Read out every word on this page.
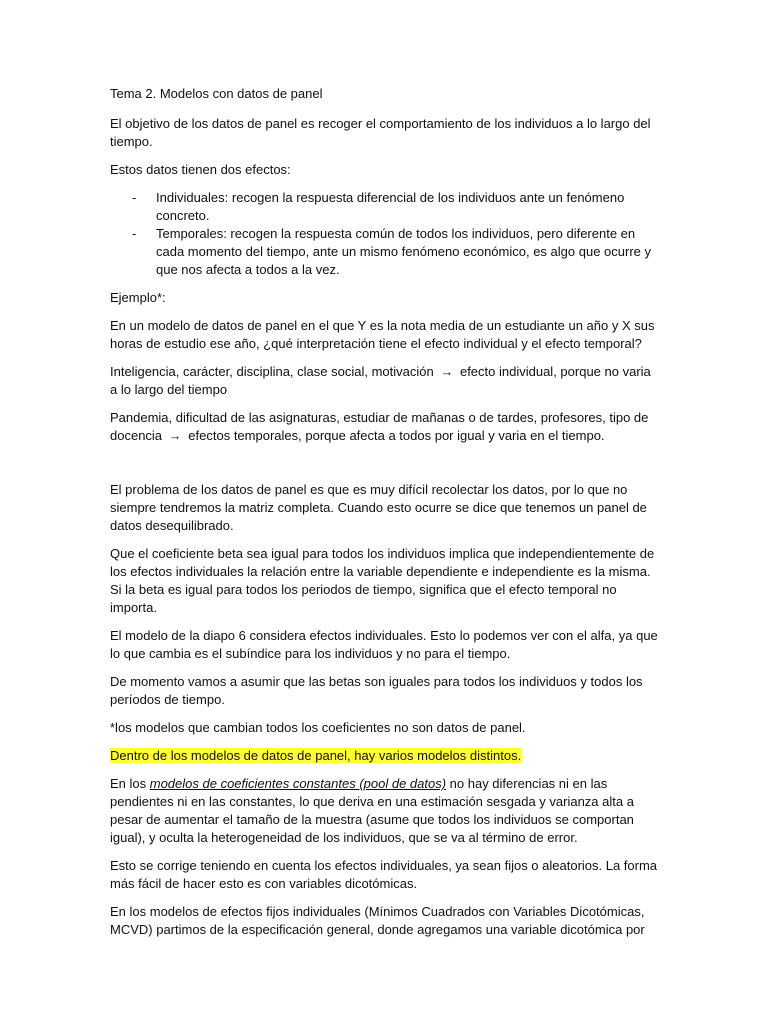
Tema 2. Modelos con datos de panel

El objetivo de los datos de panel es recoger el comportamiento de los individuos a lo largo del tiempo.

Estos datos tienen dos efectos:

- Individuales: recogen la respuesta diferencial de los individuos ante un fenómeno concreto.
- Temporales: recogen la respuesta común de todos los individuos, pero diferente en cada momento del tiempo, ante un mismo fenómeno económico, es algo que ocurre y que nos afecta a todos a la vez.

Ejemplo*:

En un modelo de datos de panel en el que Y es la nota media de un estudiante un año y X sus horas de estudio ese año, ¿qué interpretación tiene el efecto individual y el efecto temporal?

Inteligencia, carácter, disciplina, clase social, motivación → efecto individual, porque no varia a lo largo del tiempo

Pandemia, dificultad de las asignaturas, estudiar de mañanas o de tardes, profesores, tipo de docencia → efectos temporales, porque afecta a todos por igual y varia en el tiempo.

El problema de los datos de panel es que es muy difícil recolectar los datos, por lo que no siempre tendremos la matriz completa. Cuando esto ocurre se dice que tenemos un panel de datos desequilibrado.

Que el coeficiente beta sea igual para todos los individuos implica que independientemente de los efectos individuales la relación entre la variable dependiente e independiente es la misma. Si la beta es igual para todos los periodos de tiempo, significa que el efecto temporal no importa.

El modelo de la diapo 6 considera efectos individuales. Esto lo podemos ver con el alfa, ya que lo que cambia es el subíndice para los individuos y no para el tiempo.

De momento vamos a asumir que las betas son iguales para todos los individuos y todos los períodos de tiempo.

*los modelos que cambian todos los coeficientes no son datos de panel.

Dentro de los modelos de datos de panel, hay varios modelos distintos.

En los modelos de coeficientes constantes (pool de datos) no hay diferencias ni en las pendientes ni en las constantes, lo que deriva en una estimación sesgada y varianza alta a pesar de aumentar el tamaño de la muestra (asume que todos los individuos se comportan igual), y oculta la heterogeneidad de los individuos, que se va al término de error.

Esto se corrige teniendo en cuenta los efectos individuales, ya sean fijos o aleatorios. La forma más fácil de hacer esto es con variables dicotómicas.

En los modelos de efectos fijos individuales (Mínimos Cuadrados con Variables Dicotómicas, MCVD) partimos de la especificación general, donde agregamos una variable dicotómica por
